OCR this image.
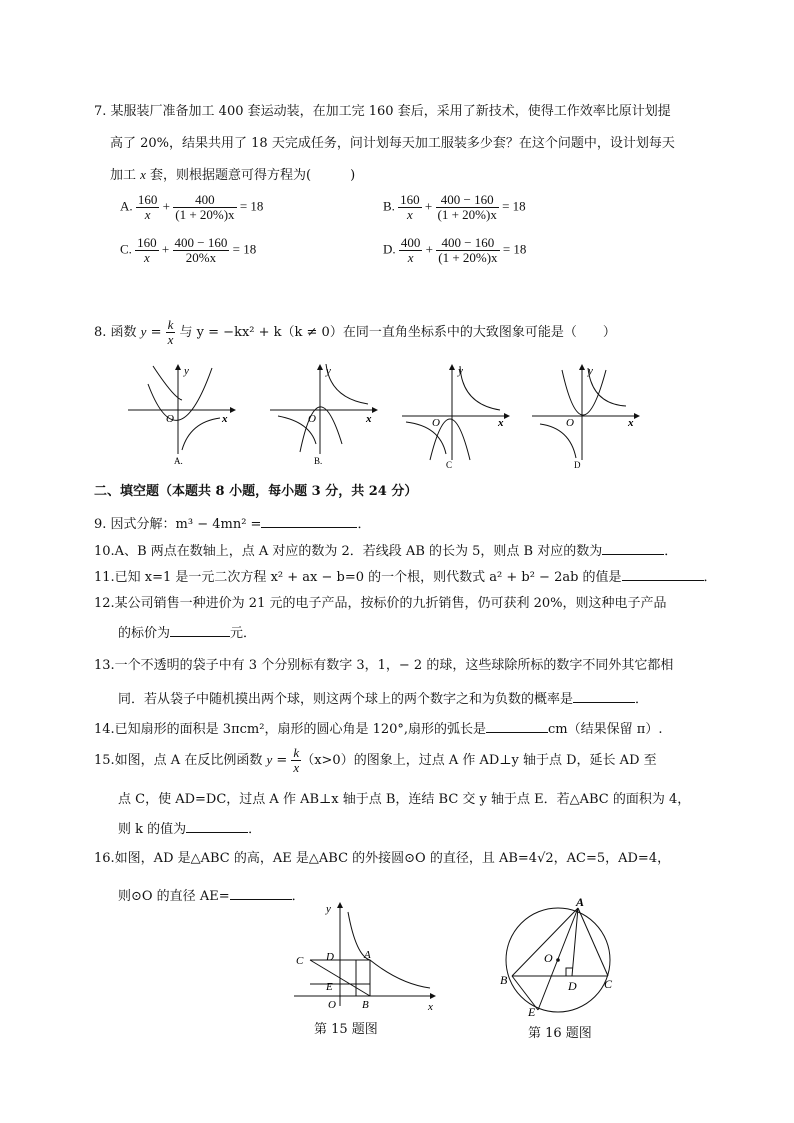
7. 某服装厂准备加工 400 套运动装，在加工完 160 套后，采用了新技术，使得工作效率比原计划提
高了 20%，结果共用了 18 天完成任务，问计划每天加工服装多少套？在这个问题中，设计划每天
加工 x 套，则根据题意可得方程为(　　　)
A. $\frac{160}{x} + \frac{400}{(1 + 20\%)x} = 18$	B. $\frac{160}{x} + \frac{400 - 160}{(1 + 20\%)x} = 18$
C. $\frac{160}{x} + \frac{400 - 160}{20\%x} = 18$	D. $\frac{400}{x} + \frac{400 - 160}{(1 + 20\%)x} = 18$
8. 函数 $y = \frac{k}{x}$ 与 y = −kx² + k（k ≠ 0）在同一直角坐标系中的大致图象可能是（　　）
y
x
O
A.
y
x
O
B.
y
x
O
C
y
x
O
D
二、填空题（本题共 8 小题，每小题 3 分，共 24 分）
9. 因式分解：m³ − 4mn² =	．
10.A、B 两点在数轴上，点 A 对应的数为 2．若线段 AB 的长为 5，则点 B 对应的数为	．
11.已知 x=1 是一元二次方程 x² + ax − b=0 的一个根，则代数式 a² + b² − 2ab 的值是	．
12.某公司销售一种进价为 21 元的电子产品，按标价的九折销售，仍可获利 20%，则这种电子产品
的标价为	元．
13.一个不透明的袋子中有 3 个分别标有数字 3，1，− 2 的球，这些球除所标的数字不同外其它都相
同．若从袋子中随机摸出两个球，则这两个球上的两个数字之和为负数的概率是	．
14.已知扇形的面积是 3πcm²，扇形的圆心角是 120°,扇形的弧长是	cm（结果保留 π）.
15.如图，点 A 在反比例函数 $y = \frac{k}{x} (x>0)$的图象上，过点 A 作 AD⊥y 轴于点 D，延长 AD 至
点 C，使 AD=DC，过点 A 作 AB⊥x 轴于点 B，连结 BC 交 y 轴于点 E．若△ABC 的面积为 4，
则 k 的值为	．
16.如图，AD 是△ABC 的高，AE 是△ABC 的外接圆⊙O 的直径，且 AB=4√2，AC=5，AD=4，
则⊙O 的直径 AE=	．
y
x
C D	A
E
O B
第 15 题图
A
O
B	D C
E
第 16 题图
